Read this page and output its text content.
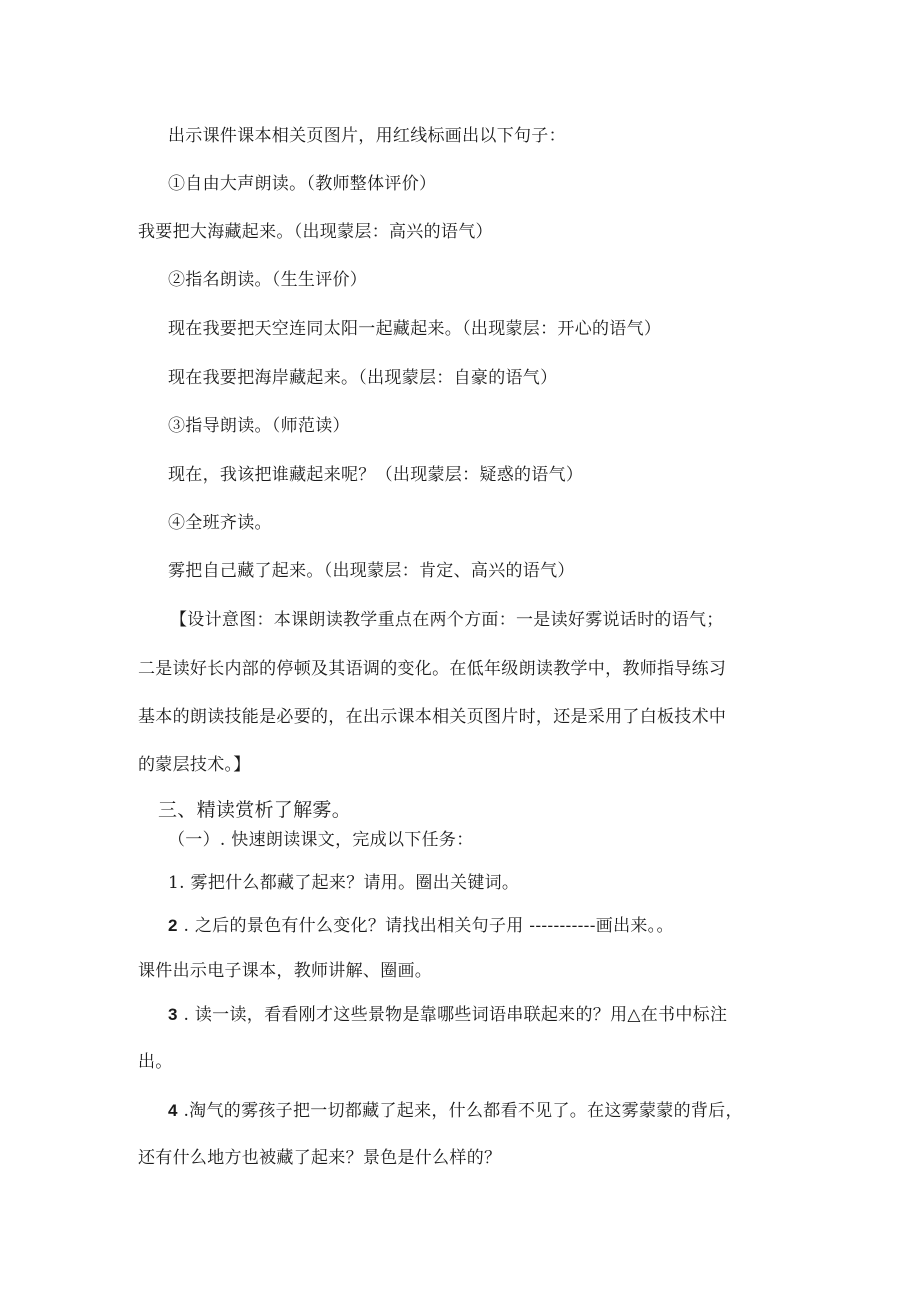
出示课件课本相关页图片，用红线标画出以下句子：
①自由大声朗读。（教师整体评价）
我要把大海藏起来。（出现蒙层：高兴的语气）
②指名朗读。（生生评价）
现在我要把天空连同太阳一起藏起来。（出现蒙层：开心的语气）
现在我要把海岸藏起来。（出现蒙层：自豪的语气）
③指导朗读。（师范读）
现在，我该把谁藏起来呢？（出现蒙层：疑惑的语气）
④全班齐读。
雾把自己藏了起来。（出现蒙层：肯定、高兴的语气）
【设计意图：本课朗读教学重点在两个方面：一是读好雾说话时的语气；
二是读好长内部的停顿及其语调的变化。在低年级朗读教学中，教师指导练习
基本的朗读技能是必要的，在出示课本相关页图片时，还是采用了白板技术中
的蒙层技术。】
三、精读赏析了解雾。
（一）. 快速朗读课文，完成以下任务：
1. 雾把什么都藏了起来？请用。圈出关键词。
2 . 之后的景色有什么变化？请找出相关句子用 -----------画出来。。
课件出示电子课本，教师讲解、圈画。
3 . 读一读，看看刚才这些景物是靠哪些词语串联起来的？用△在书中标注
出。
4 .淘气的雾孩子把一切都藏了起来，什么都看不见了。在这雾蒙蒙的背后，
还有什么地方也被藏了起来？景色是什么样的？
